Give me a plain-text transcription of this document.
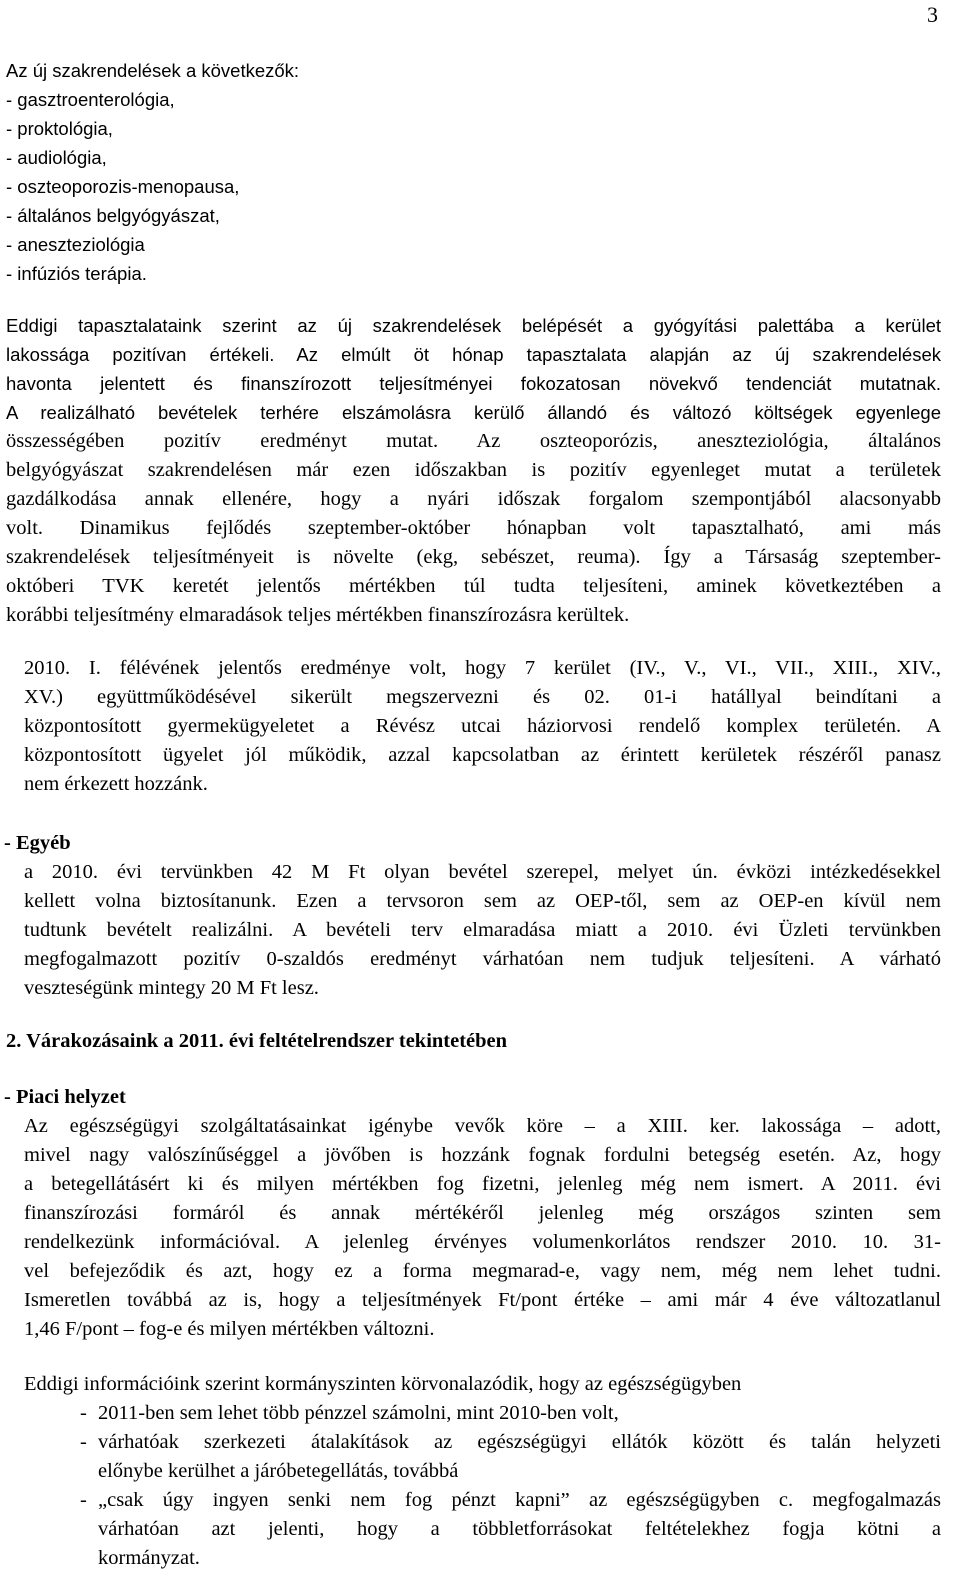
3
Az új szakrendelések a következők:
- gasztroenterológia,
- proktológia,
- audiológia,
- oszteoporozis-menopausa,
- általános belgyógyászat,
- aneszteziológia
- infúziós terápia.
Eddigi tapasztalataink szerint az új szakrendelések belépését a gyógyítási palettába a kerület
lakossága pozitívan értékeli. Az elmúlt öt hónap tapasztalata alapján az új szakrendelések
havonta jelentett és finanszírozott teljesítményei fokozatosan növekvő tendenciát mutatnak.
A realizálható bevételek terhére elszámolásra kerülő állandó és változó költségek egyenlege
összességében pozitív eredményt mutat. Az oszteoporózis, aneszteziológia, általános
belgyógyászat szakrendelésen már ezen időszakban is pozitív egyenleget mutat a területek
gazdálkodása annak ellenére, hogy a nyári időszak forgalom szempontjából alacsonyabb
volt. Dinamikus fejlődés szeptember-október hónapban volt tapasztalható, ami más
szakrendelések teljesítményeit is növelte (ekg, sebészet, reuma). Így a Társaság szeptember-
októberi TVK keretét jelentős mértékben túl tudta teljesíteni, aminek következtében a
korábbi teljesítmény elmaradások teljes mértékben finanszírozásra kerültek.
2010. I. félévének jelentős eredménye volt, hogy 7 kerület (IV., V., VI., VII., XIII., XIV.,
XV.) együttműködésével sikerült megszervezni és 02. 01-i hatállyal beindítani a
központosított gyermekügyeletet a Révész utcai háziorvosi rendelő komplex területén. A
központosított ügyelet jól működik, azzal kapcsolatban az érintett kerületek részéről panasz
nem érkezett hozzánk.
- Egyéb
a 2010. évi tervünkben 42 M Ft olyan bevétel szerepel, melyet ún. évközi intézkedésekkel
kellett volna biztosítanunk. Ezen a tervsoron sem az OEP-től, sem az OEP-en kívül nem
tudtunk bevételt realizálni. A bevételi terv elmaradása miatt a 2010. évi Üzleti tervünkben
megfogalmazott pozitív 0-szaldós eredményt várhatóan nem tudjuk teljesíteni. A várható
veszteségünk mintegy 20 M Ft lesz.
2. Várakozásaink a 2011. évi feltételrendszer tekintetében
- Piaci helyzet
Az egészségügyi szolgáltatásainkat igénybe vevők köre – a XIII. ker. lakossága – adott,
mivel nagy valószínűséggel a jövőben is hozzánk fognak fordulni betegség esetén. Az, hogy
a betegellátásért ki és milyen mértékben fog fizetni, jelenleg még nem ismert. A 2011. évi
finanszírozási formáról és annak mértékéről jelenleg még országos szinten sem
rendelkezünk információval. A jelenleg érvényes volumenkorlátos rendszer 2010. 10. 31-
vel befejeződik és azt, hogy ez a forma megmarad-e, vagy nem, még nem lehet tudni.
Ismeretlen továbbá az is, hogy a teljesítmények Ft/pont értéke – ami már 4 éve változatlanul
1,46 F/pont – fog-e és milyen mértékben változni.
Eddigi információink szerint kormányszinten körvonalazódik, hogy az egészségügyben
- 2011-ben sem lehet több pénzzel számolni, mint 2010-ben volt,
- várhatóak szerkezeti átalakítások az egészségügyi ellátók között és talán helyzeti
előnybe kerülhet a járóbetegellátás, továbbá
- „csak úgy ingyen senki nem fog pénzt kapni” az egészségügyben c. megfogalmazás
várhatóan azt jelenti, hogy a többletforrásokat feltételekhez fogja kötni a
kormányzat.
